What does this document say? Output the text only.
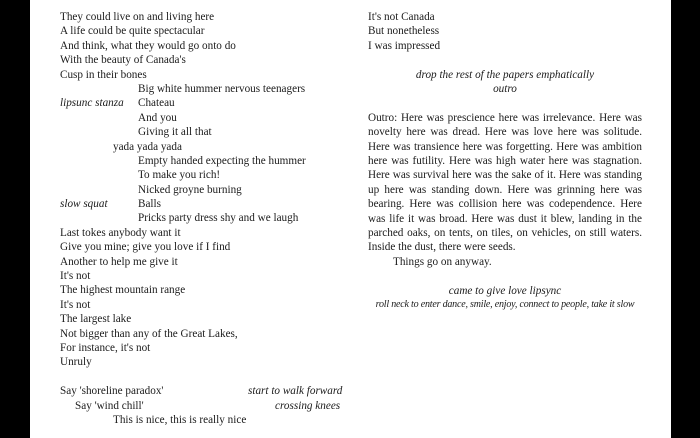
They could live on and living here
A life could be quite spectacular
And think, what they would go onto do
With the beauty of Canada's
Cusp in their bones
Big white hummer nervous teenagers
lipsunc stanza Chateau
And you
Giving it all that
yada yada yada
Empty handed expecting the hummer
To make you rich!
Nicked groyne burning
slow squat	Balls
Pricks party dress shy and we laugh
Last tokes anybody want it
Give you mine; give you love if I find
Another to help me give it
It's not
The highest mountain range
It's not
The largest lake
Not bigger than any of the Great Lakes,
For instance, it's not
Unruly
Say 'shoreline paradox'	start to walk forward
Say 'wind chill'	crossing knees
This is nice, this is really nice
It's not Canada
But nonetheless
I was impressed
drop the rest of the papers emphatically
outro
Outro: Here was prescience here was irrelevance. Here was novelty here was dread. Here was love here was solitude. Here was transience here was forgetting. Here was ambition here was futility. Here was high water here was stagnation. Here was survival here was the sake of it. Here was standing up here was standing down. Here was grinning here was bearing. Here was collision here was codependence. Here was life it was broad. Here was dust it blew, landing in the parched oaks, on tents, on tiles, on vehicles, on still waters. Inside the dust, there were seeds.
Things go on anyway.
came to give love lipsync
roll neck to enter dance, smile, enjoy, connect to people, take it slow
